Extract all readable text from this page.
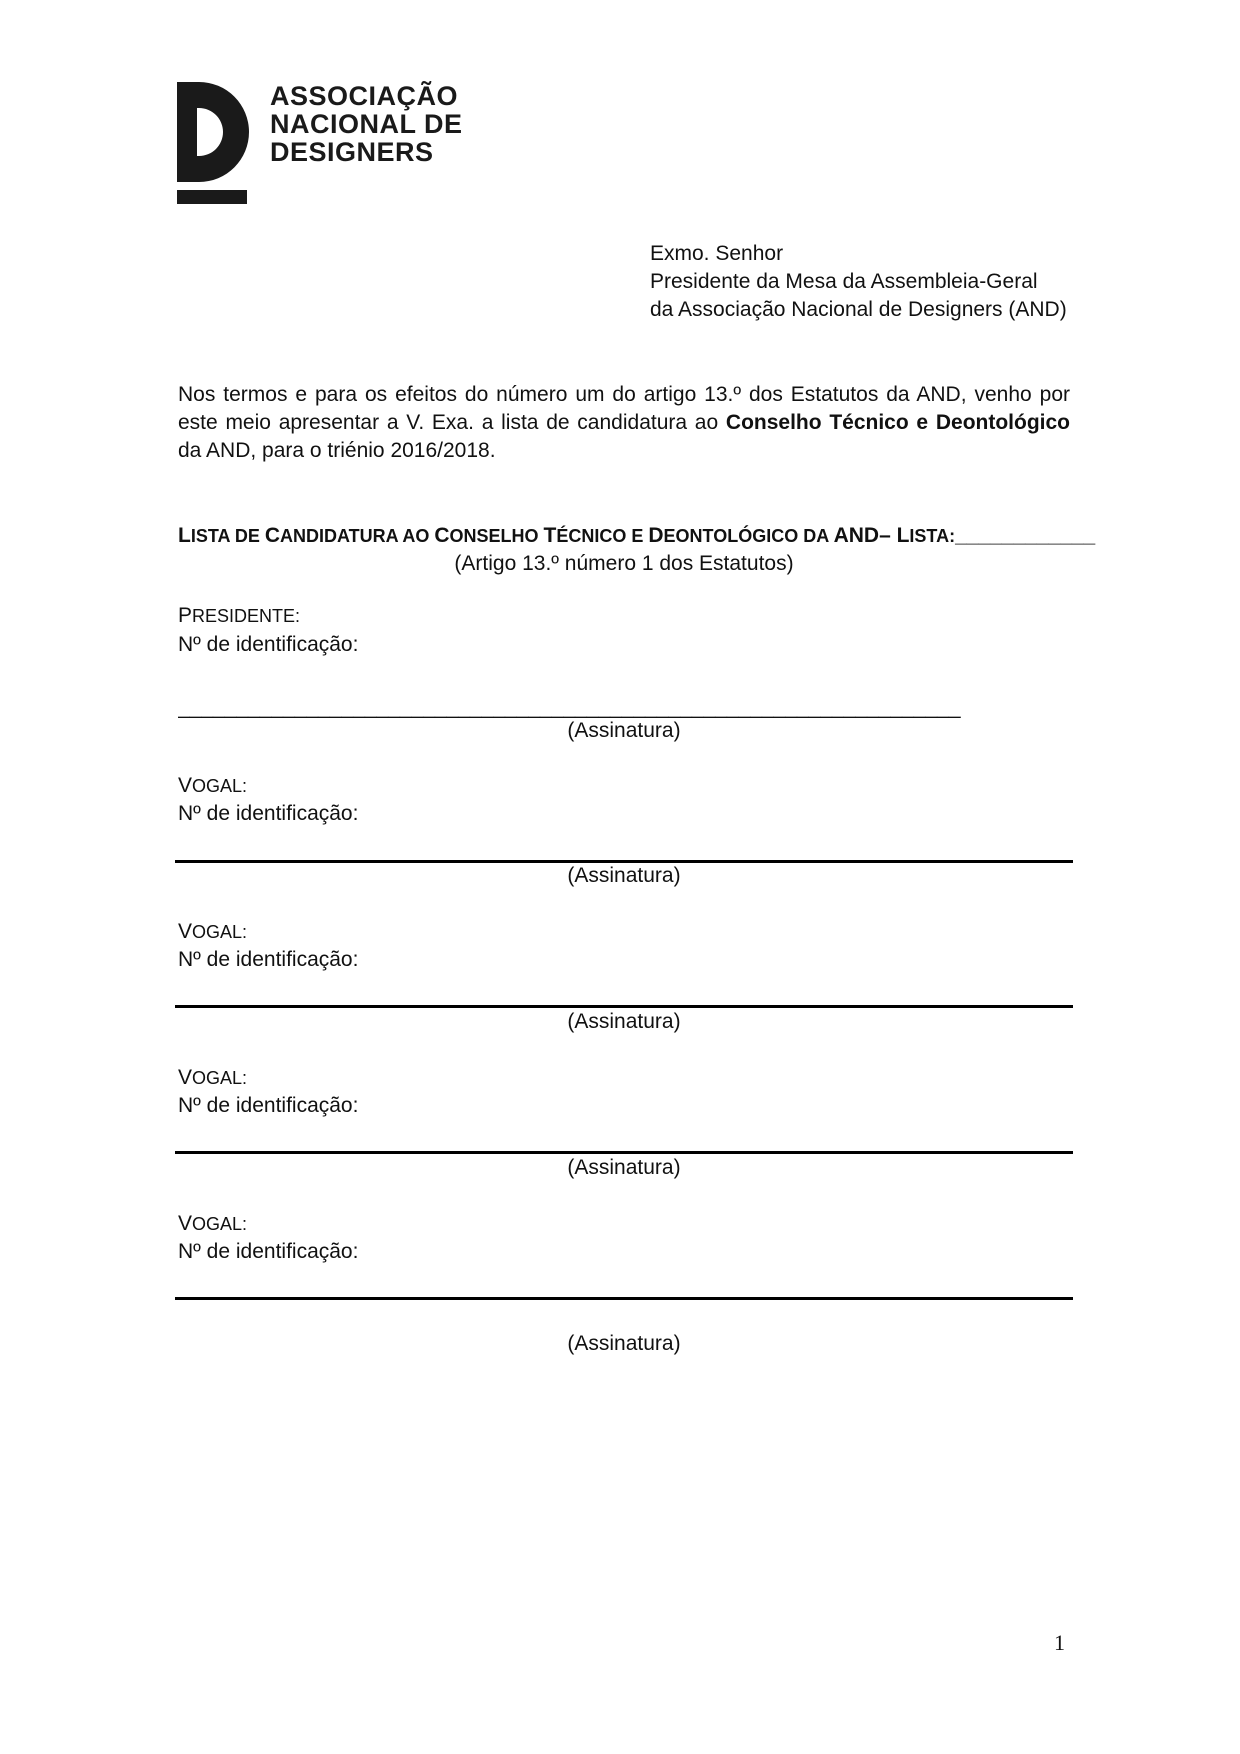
ASSOCIAÇÃO
NACIONAL DE
DESIGNERS
Exmo. Senhor
Presidente da Mesa da Assembleia-Geral
da Associação Nacional de Designers (AND)
Nos termos e para os efeitos do número um do artigo 13.º dos Estatutos da AND, venho por este meio apresentar a V. Exa. a lista de candidatura ao Conselho Técnico e Deontológico da AND, para o triénio 2016/2018.
LISTA DE CANDIDATURA AO CONSELHO TÉCNICO E DEONTOLÓGICO DA AND– LISTA:____________
(Artigo 13.º número 1 dos Estatutos)
PRESIDENTE:
Nº de identificação:
___________________________________________________________________
(Assinatura)
VOGAL:
Nº de identificação:
(Assinatura)
VOGAL:
Nº de identificação:
(Assinatura)
VOGAL:
Nº de identificação:
(Assinatura)
VOGAL:
Nº de identificação:
(Assinatura)
1
